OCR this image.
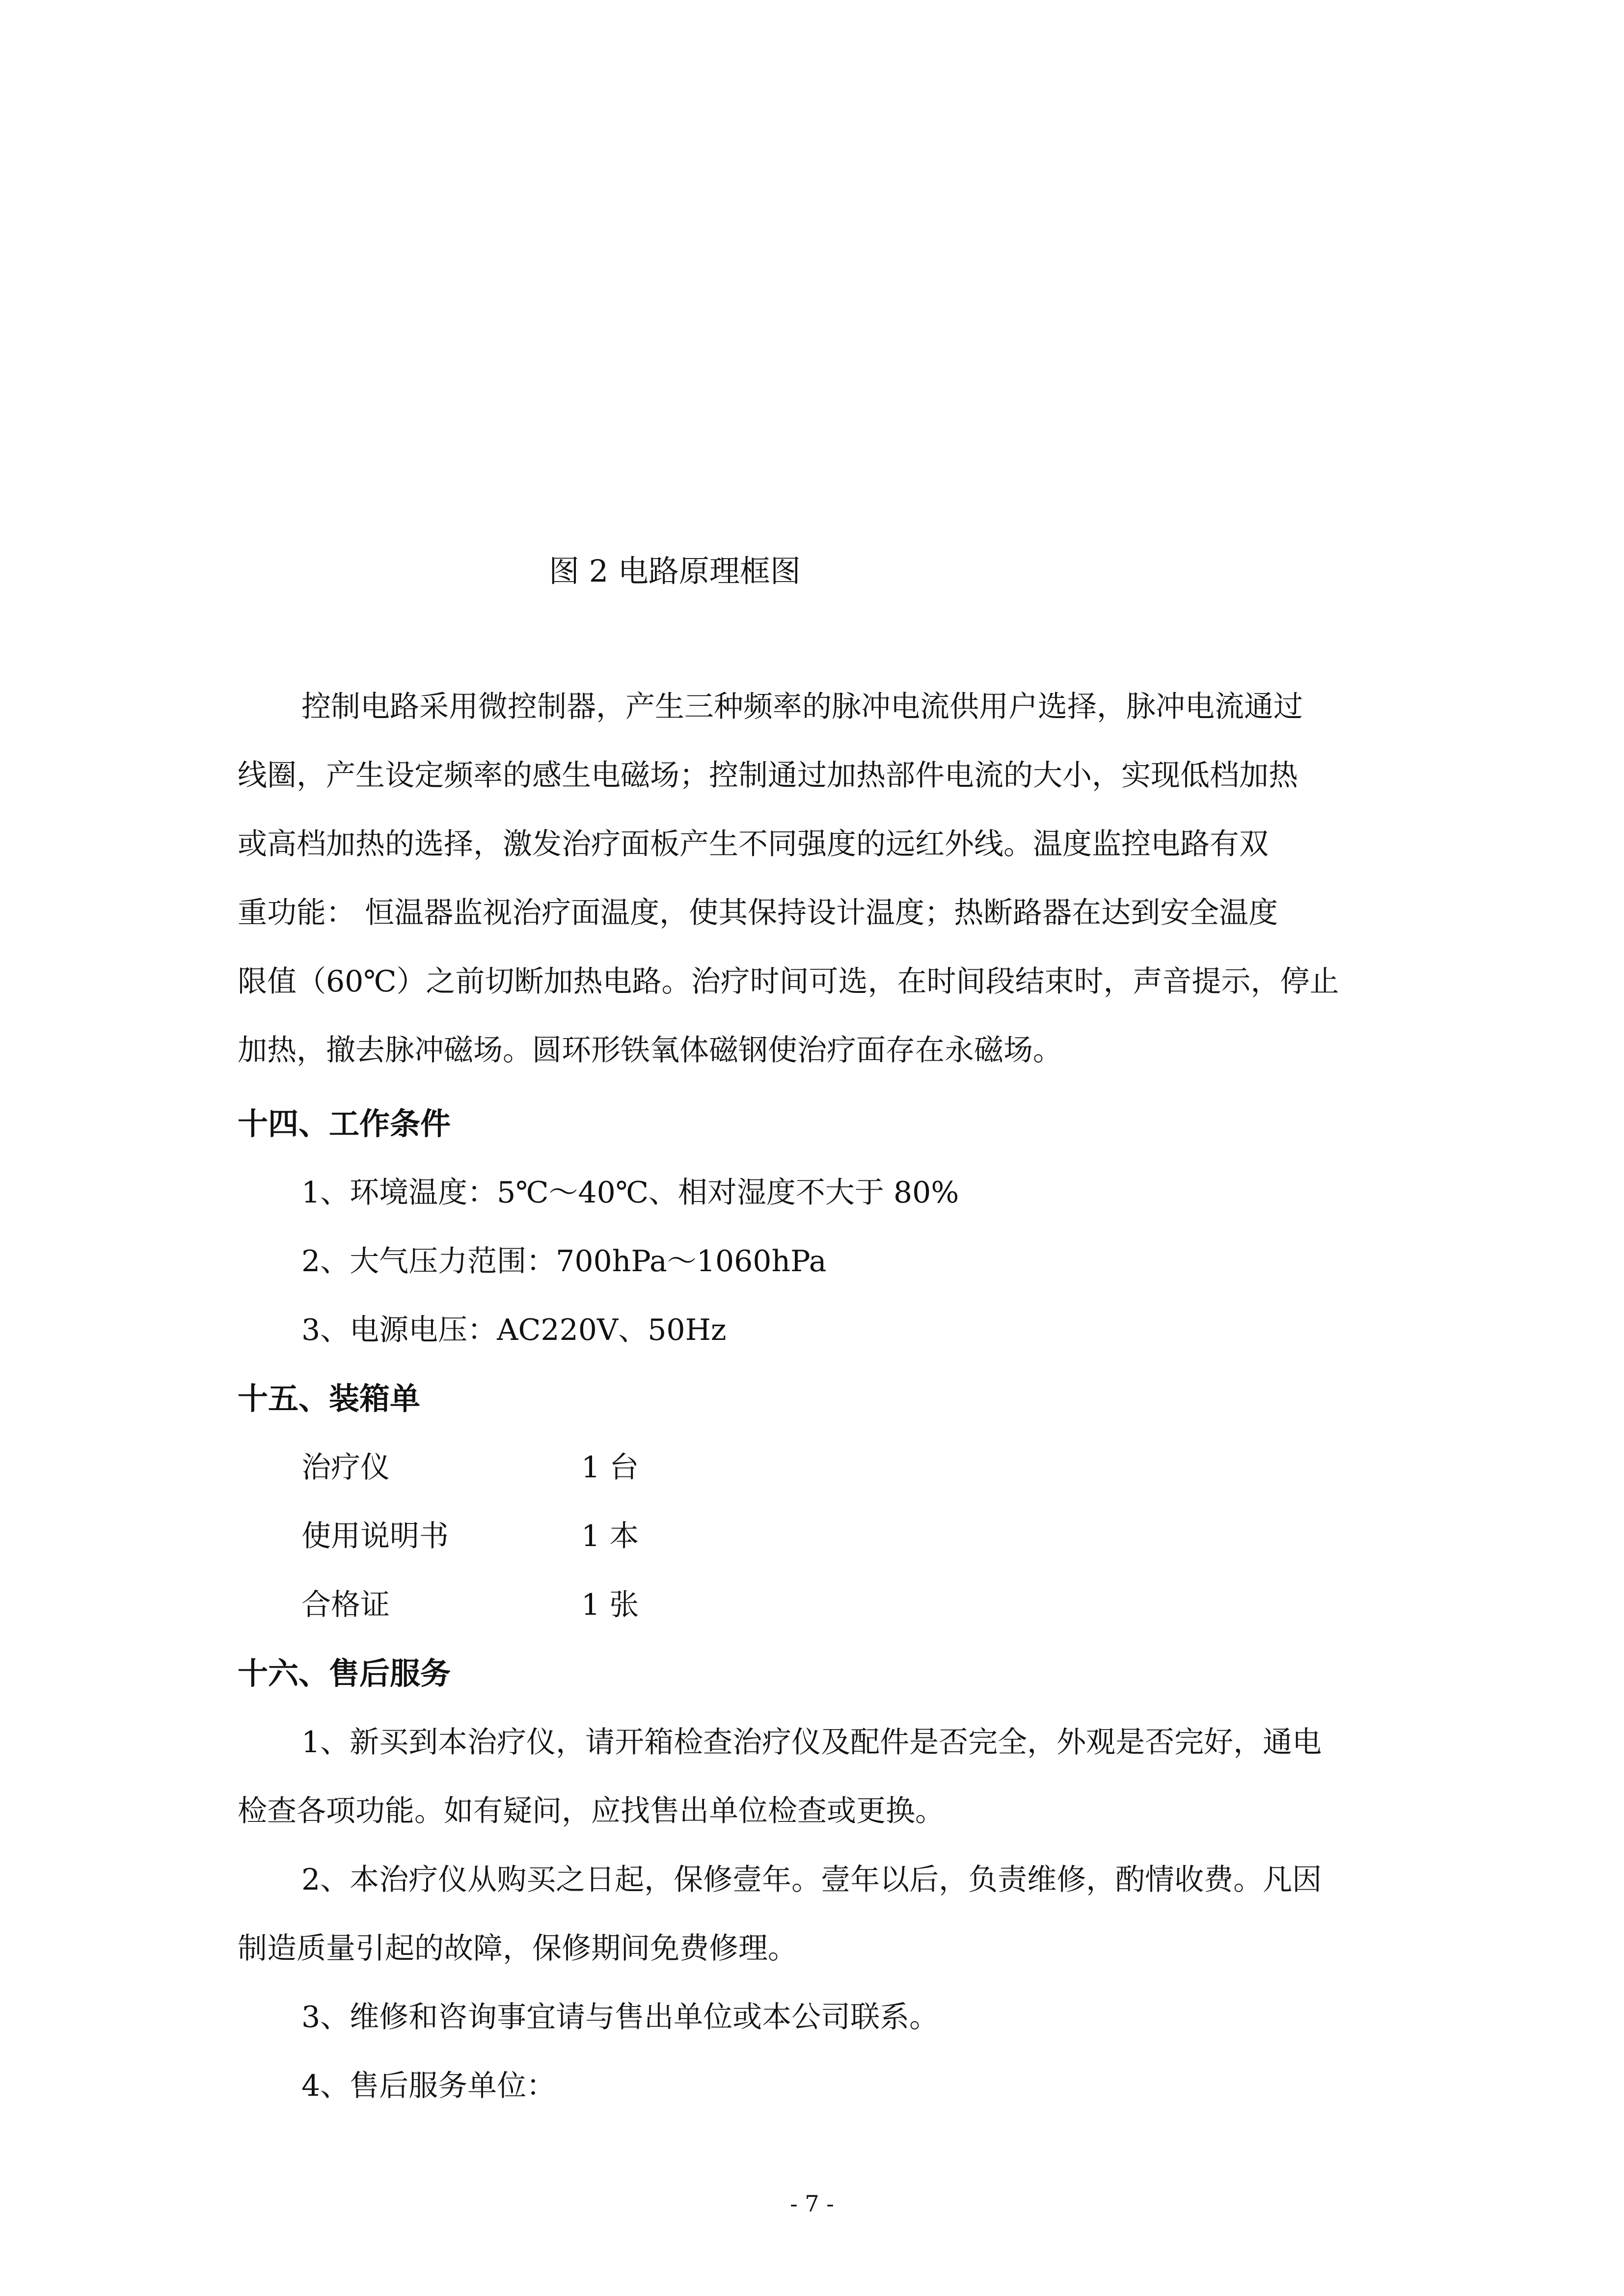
图 2 电路原理框图
控制电路采用微控制器，产生三种频率的脉冲电流供用户选择，脉冲电流通过
线圈，产生设定频率的感生电磁场；控制通过加热部件电流的大小，实现低档加热
或高档加热的选择，激发治疗面板产生不同强度的远红外线。温度监控电路有双
重功能： 恒温器监视治疗面温度，使其保持设计温度；热断路器在达到安全温度
限值（60℃）之前切断加热电路。治疗时间可选，在时间段结束时，声音提示，停止
加热，撤去脉冲磁场。圆环形铁氧体磁钢使治疗面存在永磁场。
十四、工作条件
1、环境温度：5℃～40℃、相对湿度不大于 80%
2、大气压力范围：700hPa～1060hPa
3、电源电压：AC220V、50Hz
十五、装箱单
治疗仪	1 台
使用说明书	1 本
合格证	1 张
十六、售后服务
1、新买到本治疗仪，请开箱检查治疗仪及配件是否完全，外观是否完好，通电
检查各项功能。如有疑问，应找售出单位检查或更换。
2、本治疗仪从购买之日起，保修壹年。壹年以后，负责维修，酌情收费。凡因
制造质量引起的故障，保修期间免费修理。
3、维修和咨询事宜请与售出单位或本公司联系。
4、售后服务单位：
- 7 -
